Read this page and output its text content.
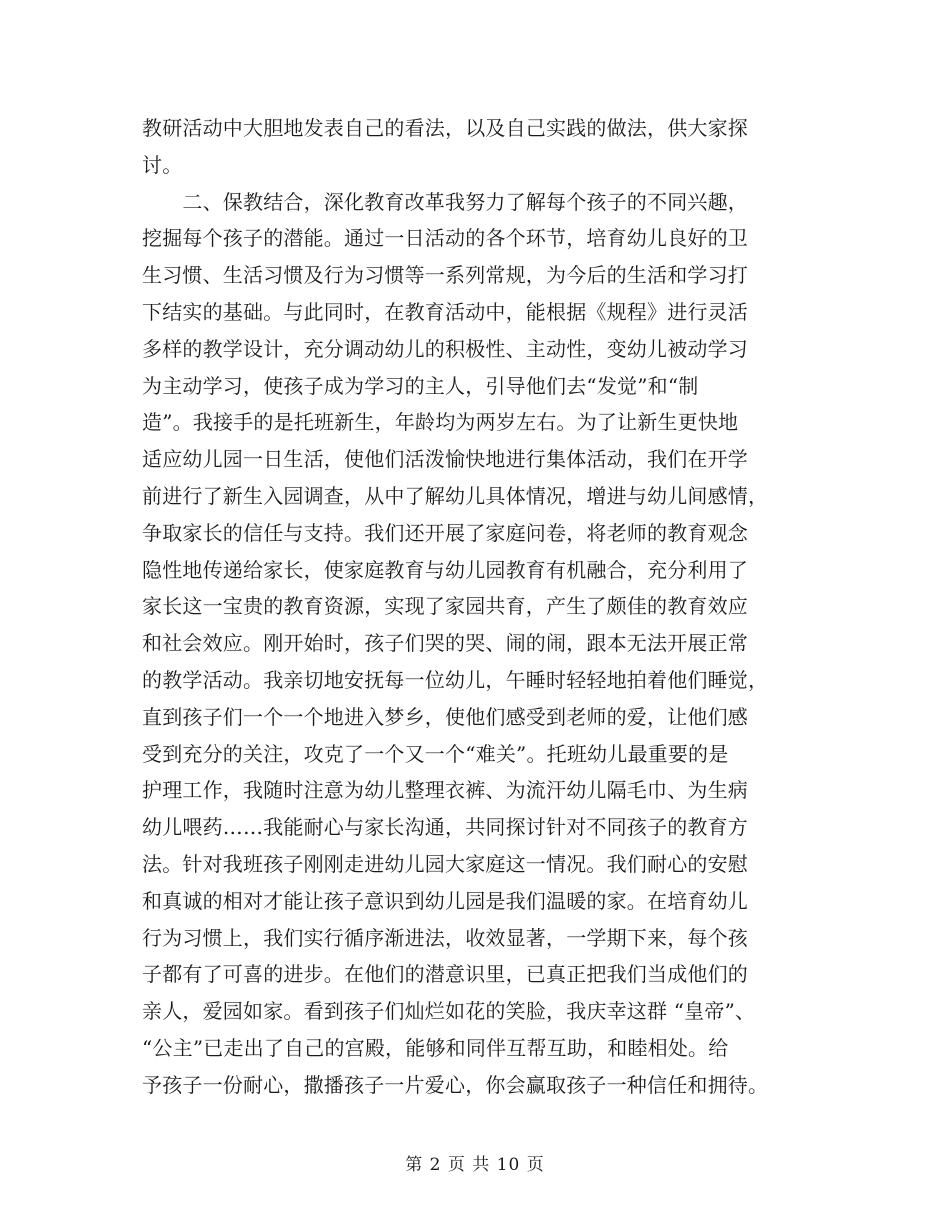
教研活动中大胆地发表自己的看法，以及自己实践的做法，供大家探
讨。
　　二、保教结合，深化教育改革我努力了解每个孩子的不同兴趣，
挖掘每个孩子的潜能。通过一日活动的各个环节，培育幼儿良好的卫
生习惯、生活习惯及行为习惯等一系列常规，为今后的生活和学习打
下结实的基础。与此同时，在教育活动中，能根据《规程》进行灵活
多样的教学设计，充分调动幼儿的积极性、主动性，变幼儿被动学习
为主动学习，使孩子成为学习的主人，引导他们去“发觉”和“制
造”。我接手的是托班新生，年龄均为两岁左右。为了让新生更快地
适应幼儿园一日生活，使他们活泼愉快地进行集体活动，我们在开学
前进行了新生入园调查，从中了解幼儿具体情况，增进与幼儿间感情，
争取家长的信任与支持。我们还开展了家庭问卷，将老师的教育观念
隐性地传递给家长，使家庭教育与幼儿园教育有机融合，充分利用了
家长这一宝贵的教育资源，实现了家园共育，产生了颇佳的教育效应
和社会效应。刚开始时，孩子们哭的哭、闹的闹，跟本无法开展正常
的教学活动。我亲切地安抚每一位幼儿，午睡时轻轻地拍着他们睡觉，
直到孩子们一个一个地进入梦乡，使他们感受到老师的爱，让他们感
受到充分的关注，攻克了一个又一个“难关”。托班幼儿最重要的是
护理工作，我随时注意为幼儿整理衣裤、为流汗幼儿隔毛巾、为生病
幼儿喂药……我能耐心与家长沟通，共同探讨针对不同孩子的教育方
法。针对我班孩子刚刚走进幼儿园大家庭这一情况。我们耐心的安慰
和真诚的相对才能让孩子意识到幼儿园是我们温暖的家。在培育幼儿
行为习惯上，我们实行循序渐进法，收效显著，一学期下来，每个孩
子都有了可喜的进步。在他们的潜意识里，已真正把我们当成他们的
亲人，爱园如家。看到孩子们灿烂如花的笑脸，我庆幸这群 “皇帝”、
“公主”已走出了自己的宫殿，能够和同伴互帮互助，和睦相处。给
予孩子一份耐心，撒播孩子一片爱心，你会赢取孩子一种信任和拥待。
第 2 页 共 10 页
